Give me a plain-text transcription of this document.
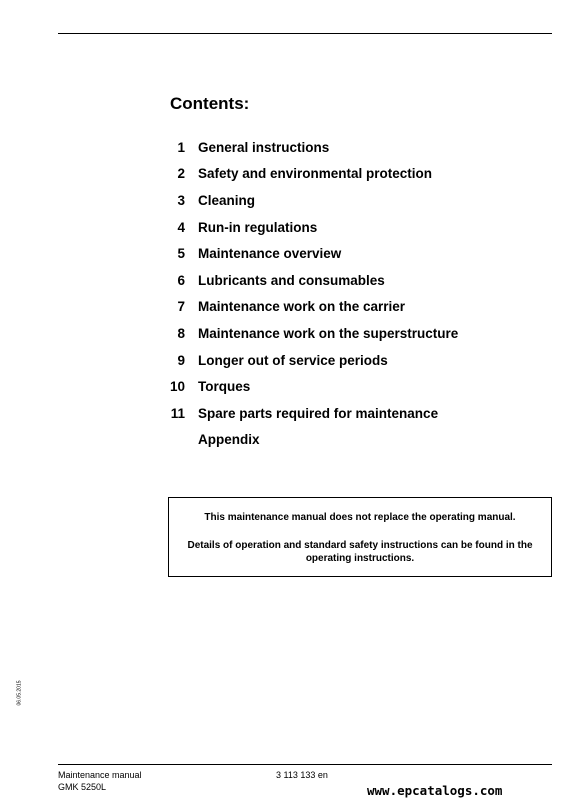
Contents:
1 General instructions
2 Safety and environmental protection
3 Cleaning
4 Run-in regulations
5 Maintenance overview
6 Lubricants and consumables
7 Maintenance work on the carrier
8 Maintenance work on the superstructure
9 Longer out of service periods
10 Torques
11 Spare parts required for maintenance
Appendix

This maintenance manual does not replace the operating manual.

Details of operation and standard safety instructions can be found in the operating instructions.

06.05.2015
Maintenance manual
GMK 5250L
3 113 133 en
www.epcatalogs.com
